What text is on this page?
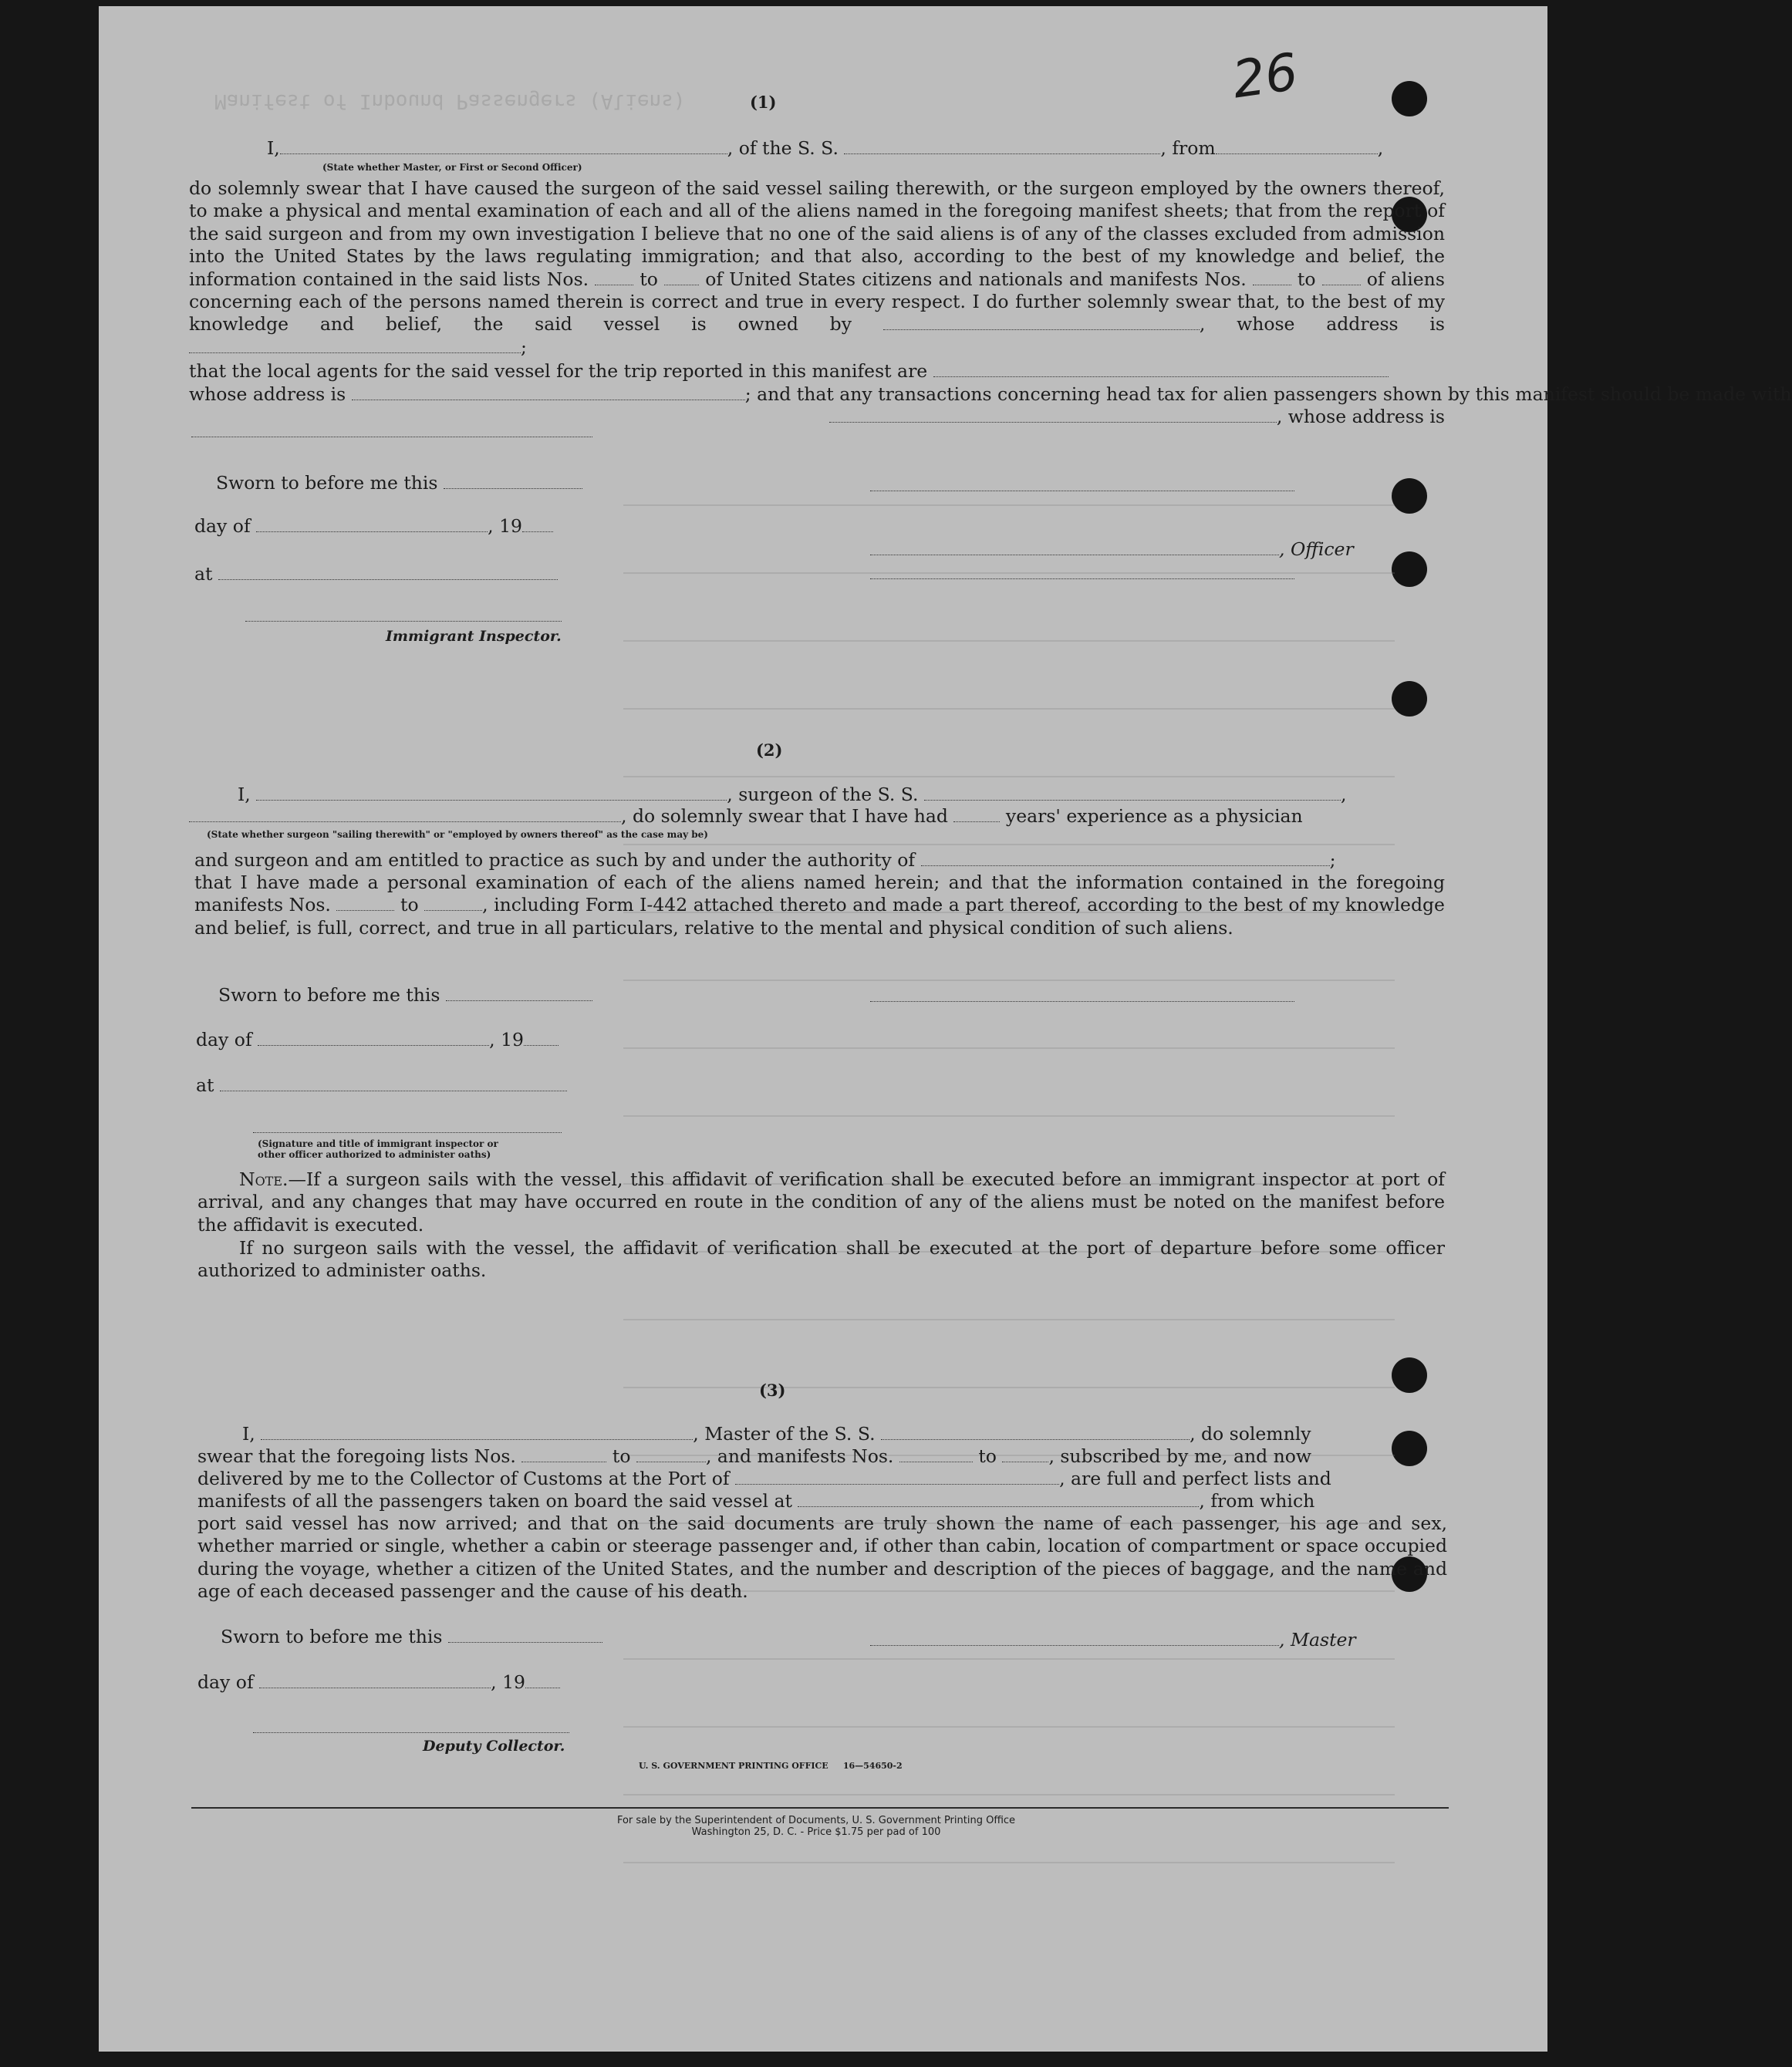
Manifest of Inbound Passengers (Aliens)	26
(1)
I,	, of the S. S.	, from	,
(State whether Master, or First or Second Officer)
do solemnly swear that I have caused the surgeon of the said vessel sailing therewith, or the surgeon employed by the owners thereof, to make a physical and mental examination of each and all of the aliens named in the foregoing manifest sheets; that from the report of the said surgeon and from my own investigation I believe that no one of the said aliens is of any of the classes excluded from admission into the United States by the laws regulating immigration; and that also, according to the best of my knowledge and belief, the information contained in the said lists Nos.	to	of United States citizens and nationals and manifests Nos.	to	of aliens concerning each of the persons named therein is correct and true in every respect. I do further solemnly swear that, to the best of my knowledge and belief, the said vessel is owned by	, whose address is ;
that the local agents for the said vessel for the trip reported in this manifest are
whose address is	; and that any transactions concerning head tax for alien passengers shown by this manifest should be made with
, whose address is
Sworn to before me this
day of	, 19
at
Immigrant Inspector.
, Officer
(2)
I,	, surgeon of the S. S.	,
, do solemnly swear that I have had	years' experience as a physician
(State whether surgeon "sailing therewith" or "employed by owners thereof" as the case may be)
and surgeon and am entitled to practice as such by and under the authority of	;
that I have made a personal examination of each of the aliens named herein; and that the information contained in the foregoing manifests Nos.	to	, including Form I-442 attached thereto and made a part thereof, according to the best of my knowledge and belief, is full, correct, and true in all particulars, relative to the mental and physical condition of such aliens.
Sworn to before me this
day of	, 19
at
(Signature and title of immigrant inspector or
other officer authorized to administer oaths)
Note.—If a surgeon sails with the vessel, this affidavit of verification shall be executed before an immigrant inspector at port of arrival, and any changes that may have occurred en route in the condition of any of the aliens must be noted on the manifest before the affidavit is executed.
If no surgeon sails with the vessel, the affidavit of verification shall be executed at the port of departure before some officer authorized to administer oaths.
(3)
I,	, Master of the S. S.	, do solemnly
swear that the foregoing lists Nos.	to	, and manifests Nos.	to	, subscribed by me, and now
delivered by me to the Collector of Customs at the Port of	, are full and perfect lists and
manifests of all the passengers taken on board the said vessel at	, from which
port said vessel has now arrived; and that on the said documents are truly shown the name of each passenger, his age and sex, whether married or single, whether a cabin or steerage passenger and, if other than cabin, location of compartment or space occupied during the voyage, whether a citizen of the United States, and the number and description of the pieces of baggage, and the name and age of each deceased passenger and the cause of his death.
Sworn to before me this	, Master
day of	, 19
Deputy Collector.
U. S. GOVERNMENT PRINTING OFFICE     16—54650-2
For sale by the Superintendent of Documents, U. S. Government Printing Office
Washington 25, D. C. - Price $1.75 per pad of 100
